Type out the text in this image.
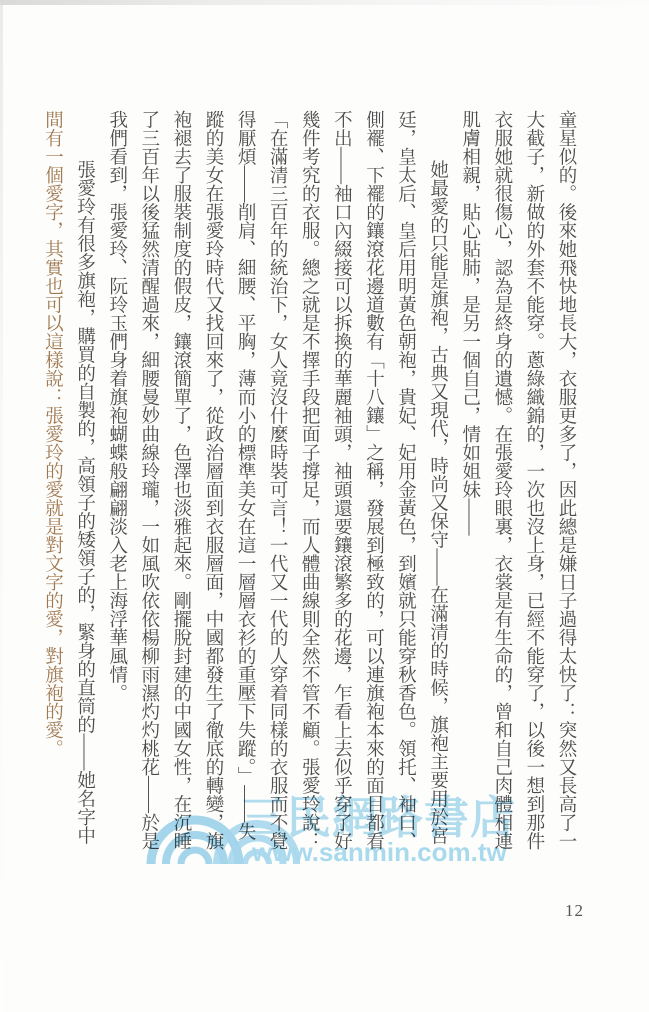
童星似的。後來她飛快地長大，衣服更多了，因此總是嫌日子過得太快了：突然又長高了一大截子，新做的外套不能穿。蔥綠織錦的，一次也沒上身，已經不能穿了，以後一想到那件衣服她就很傷心，認為是終身的遺憾。在張愛玲眼裏，衣裳是有生命的，曾和自己肉體相連肌膚相親，貼心貼肺，是另一個自己，情如姐妹——

她最愛的只能是旗袍，古典又現代，時尚又保守——在滿清的時候，旗袍主要用於宮廷，皇太后、皇后用明黃色朝袍，貴妃、妃用金黃色，到嬪就只能穿秋香色。領托、袖口、側襬、下襬的鑲滾花邊道數有「十八鑲」之稱，發展到極致的，可以連旗袍本來的面目都看不出——袖口內綴接可以拆換的華麗袖頭，袖頭還要鑲滾繁多的花邊，乍看上去似乎穿了好幾件考究的衣服。總之就是不擇手段把面子撐足，而人體曲線則全然不管不顧。張愛玲說：「在滿清三百年的統治下，女人竟沒什麼時裝可言！一代又一代的人穿着同樣的衣服而不覺得厭煩——削肩、細腰、平胸，薄而小的標準美女在這一層層衣衫的重壓下失蹤。」——失蹤的美女在張愛玲時代又找回來了，從政治層面到衣服層面，中國都發生了徹底的轉變，旗袍褪去了服裝制度的假皮，鑲滾簡單了，色澤也淡雅起來。剛擺脫封建的中國女性，在沉睡了三百年以後猛然清醒過來，細腰曼妙曲線玲瓏，一如風吹依依楊柳雨濕灼灼桃花——於是我們看到，張愛玲、阮玲玉們身着旗袍蝴蝶般翩翩淡入老上海浮華風情。

張愛玲有很多旗袍，購買的自製的，高領子的矮領子的，緊身的直筒的——她名字中
間有一個愛字，其實也可以這樣說：張愛玲的愛就是對文字的愛，對旗袍的愛。

三民網路書店
www.sanmin.com.tw
12
